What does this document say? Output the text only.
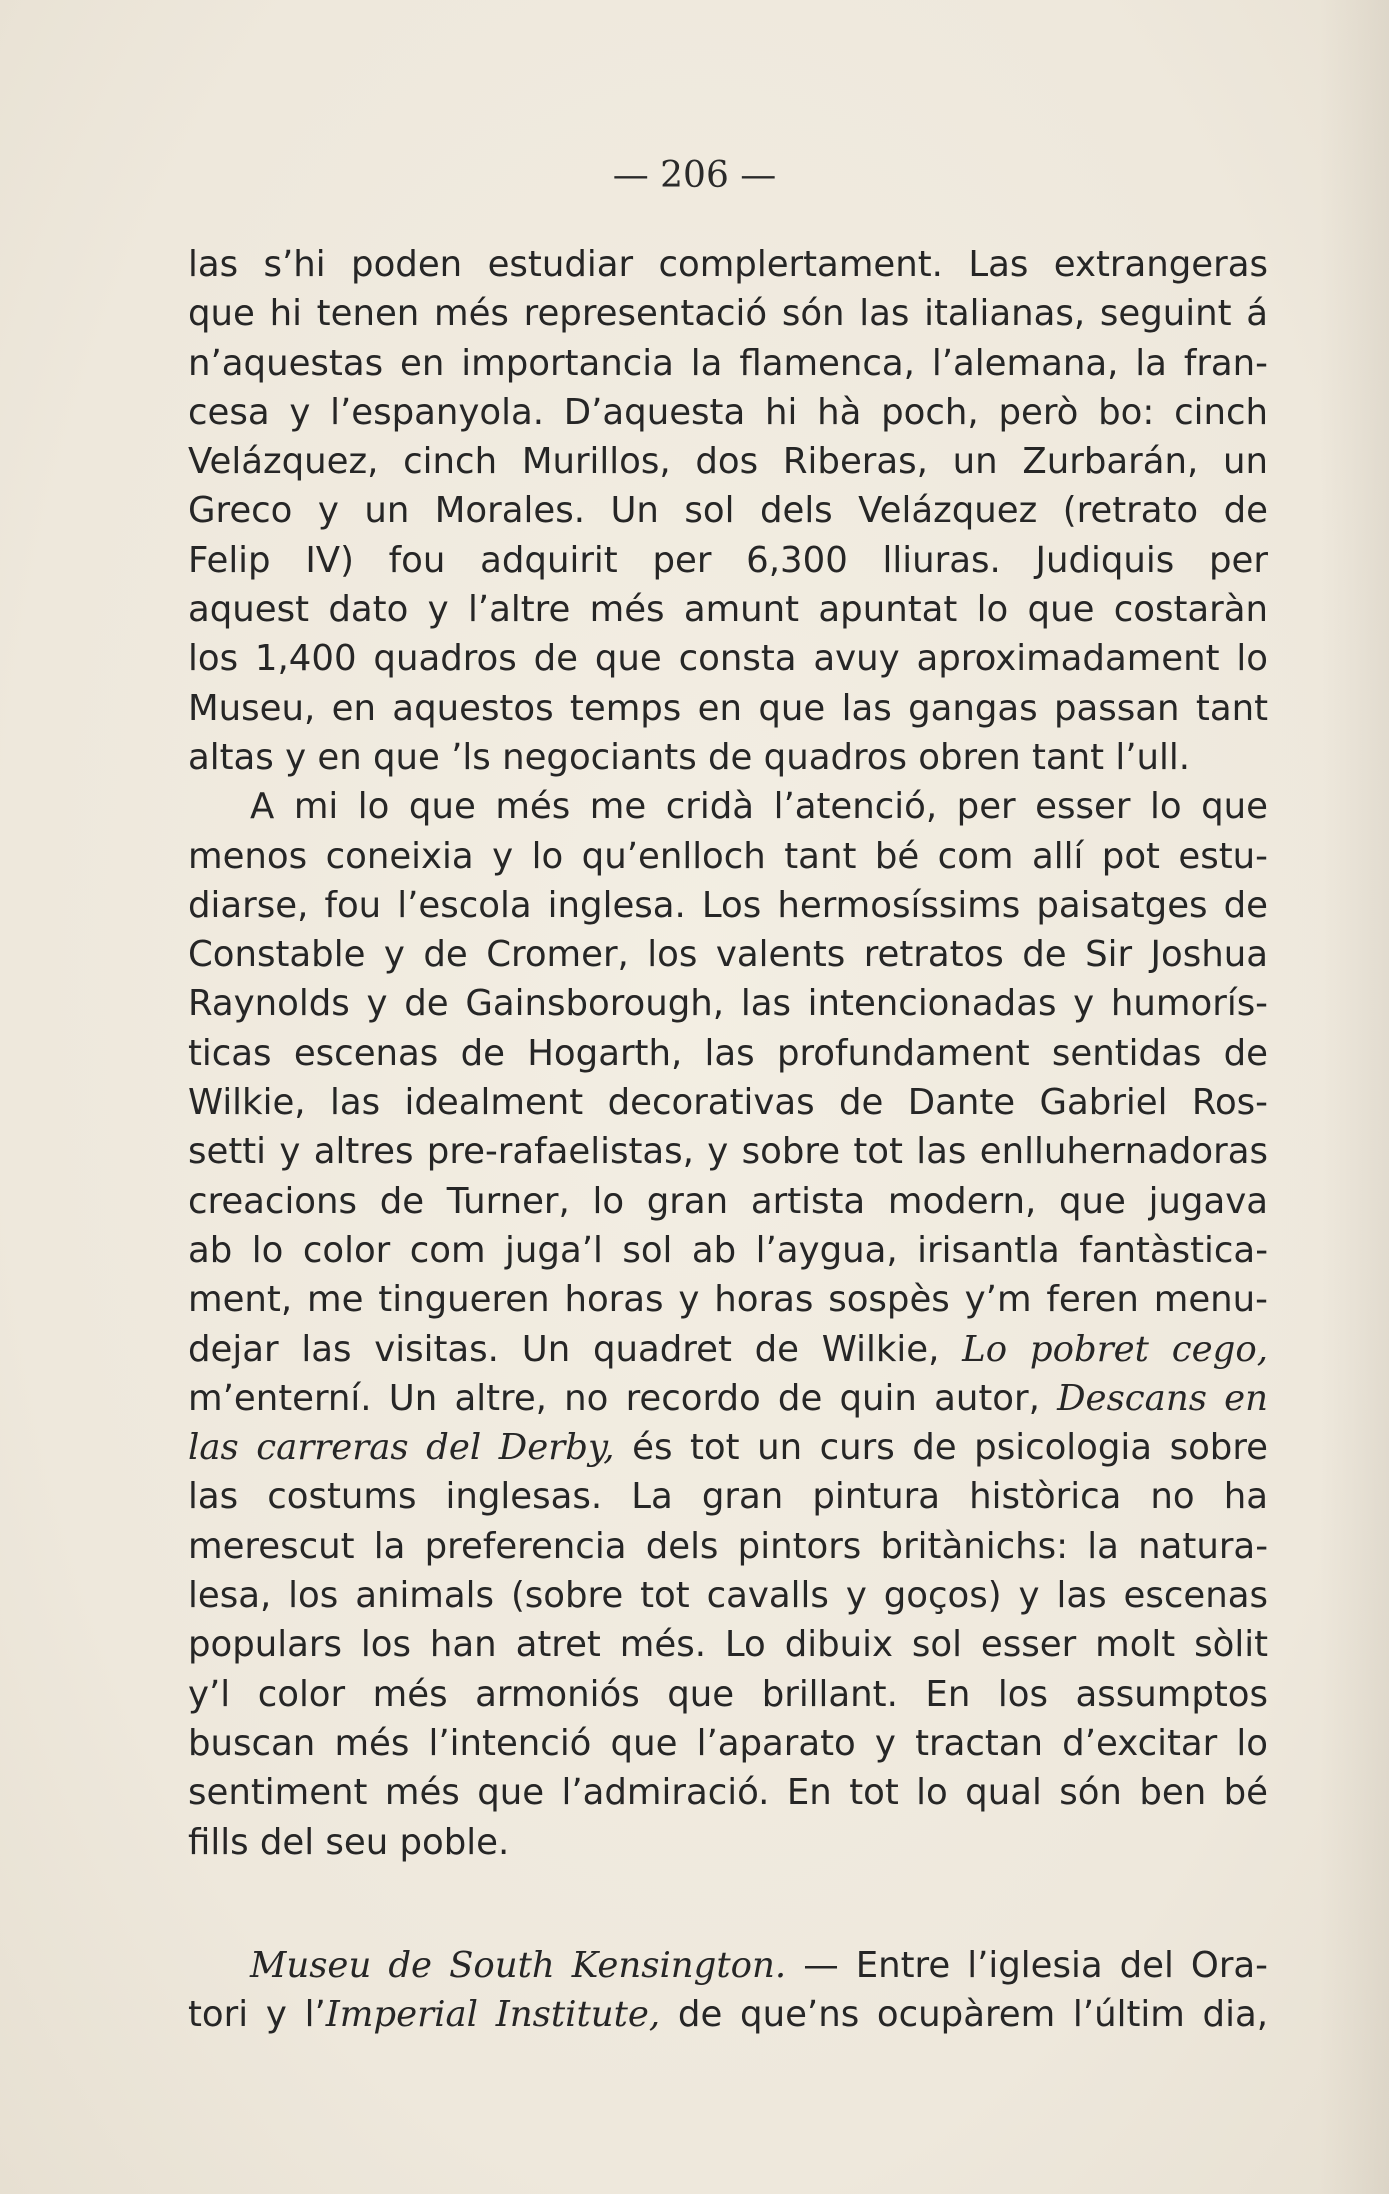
— 206 —
las s’hi poden estudiar complertament. Las extrangeras
que hi tenen més representació són las italianas, seguint á
n’aquestas en importancia la flamenca, l’alemana, la fran-
cesa y l’espanyola. D’aquesta hi hà poch, però bo: cinch
Velázquez, cinch Murillos, dos Riberas, un Zurbarán, un
Greco y un Morales. Un sol dels Velázquez (retrato de
Felip IV) fou adquirit per 6,300 lliuras. Judiquis per
aquest dato y l’altre més amunt apuntat lo que costaràn
los 1,400 quadros de que consta avuy aproximadament lo
Museu, en aquestos temps en que las gangas passan tant
altas y en que ’ls negociants de quadros obren tant l’ull.
A mi lo que més me cridà l’atenció, per esser lo que
menos coneixia y lo qu’enlloch tant bé com allí pot estu-
diarse, fou l’escola inglesa. Los hermosíssims paisatges de
Constable y de Cromer, los valents retratos de Sir Joshua
Raynolds y de Gainsborough, las intencionadas y humorís-
ticas escenas de Hogarth, las profundament sentidas de
Wilkie, las idealment decorativas de Dante Gabriel Ros-
setti y altres pre-rafaelistas, y sobre tot las enlluhernadoras
creacions de Turner, lo gran artista modern, que jugava
ab lo color com juga’l sol ab l’aygua, irisantla fantàstica-
ment, me tingueren horas y horas sospès y’m feren menu-
dejar las visitas. Un quadret de Wilkie, Lo pobret cego,
m’enterní. Un altre, no recordo de quin autor, Descans en
las carreras del Derby, és tot un curs de psicologia sobre
las costums inglesas. La gran pintura històrica no ha
merescut la preferencia dels pintors britànichs: la natura-
lesa, los animals (sobre tot cavalls y goços) y las escenas
populars los han atret més. Lo dibuix sol esser molt sòlit
y’l color més armoniós que brillant. En los assumptos
buscan més l’intenció que l’aparato y tractan d’excitar lo
sentiment més que l’admiració. En tot lo qual són ben bé
fills del seu poble.
Museu de South Kensington. — Entre l’iglesia del Ora-
tori y l’Imperial Institute, de que’ns ocupàrem l’últim dia,
